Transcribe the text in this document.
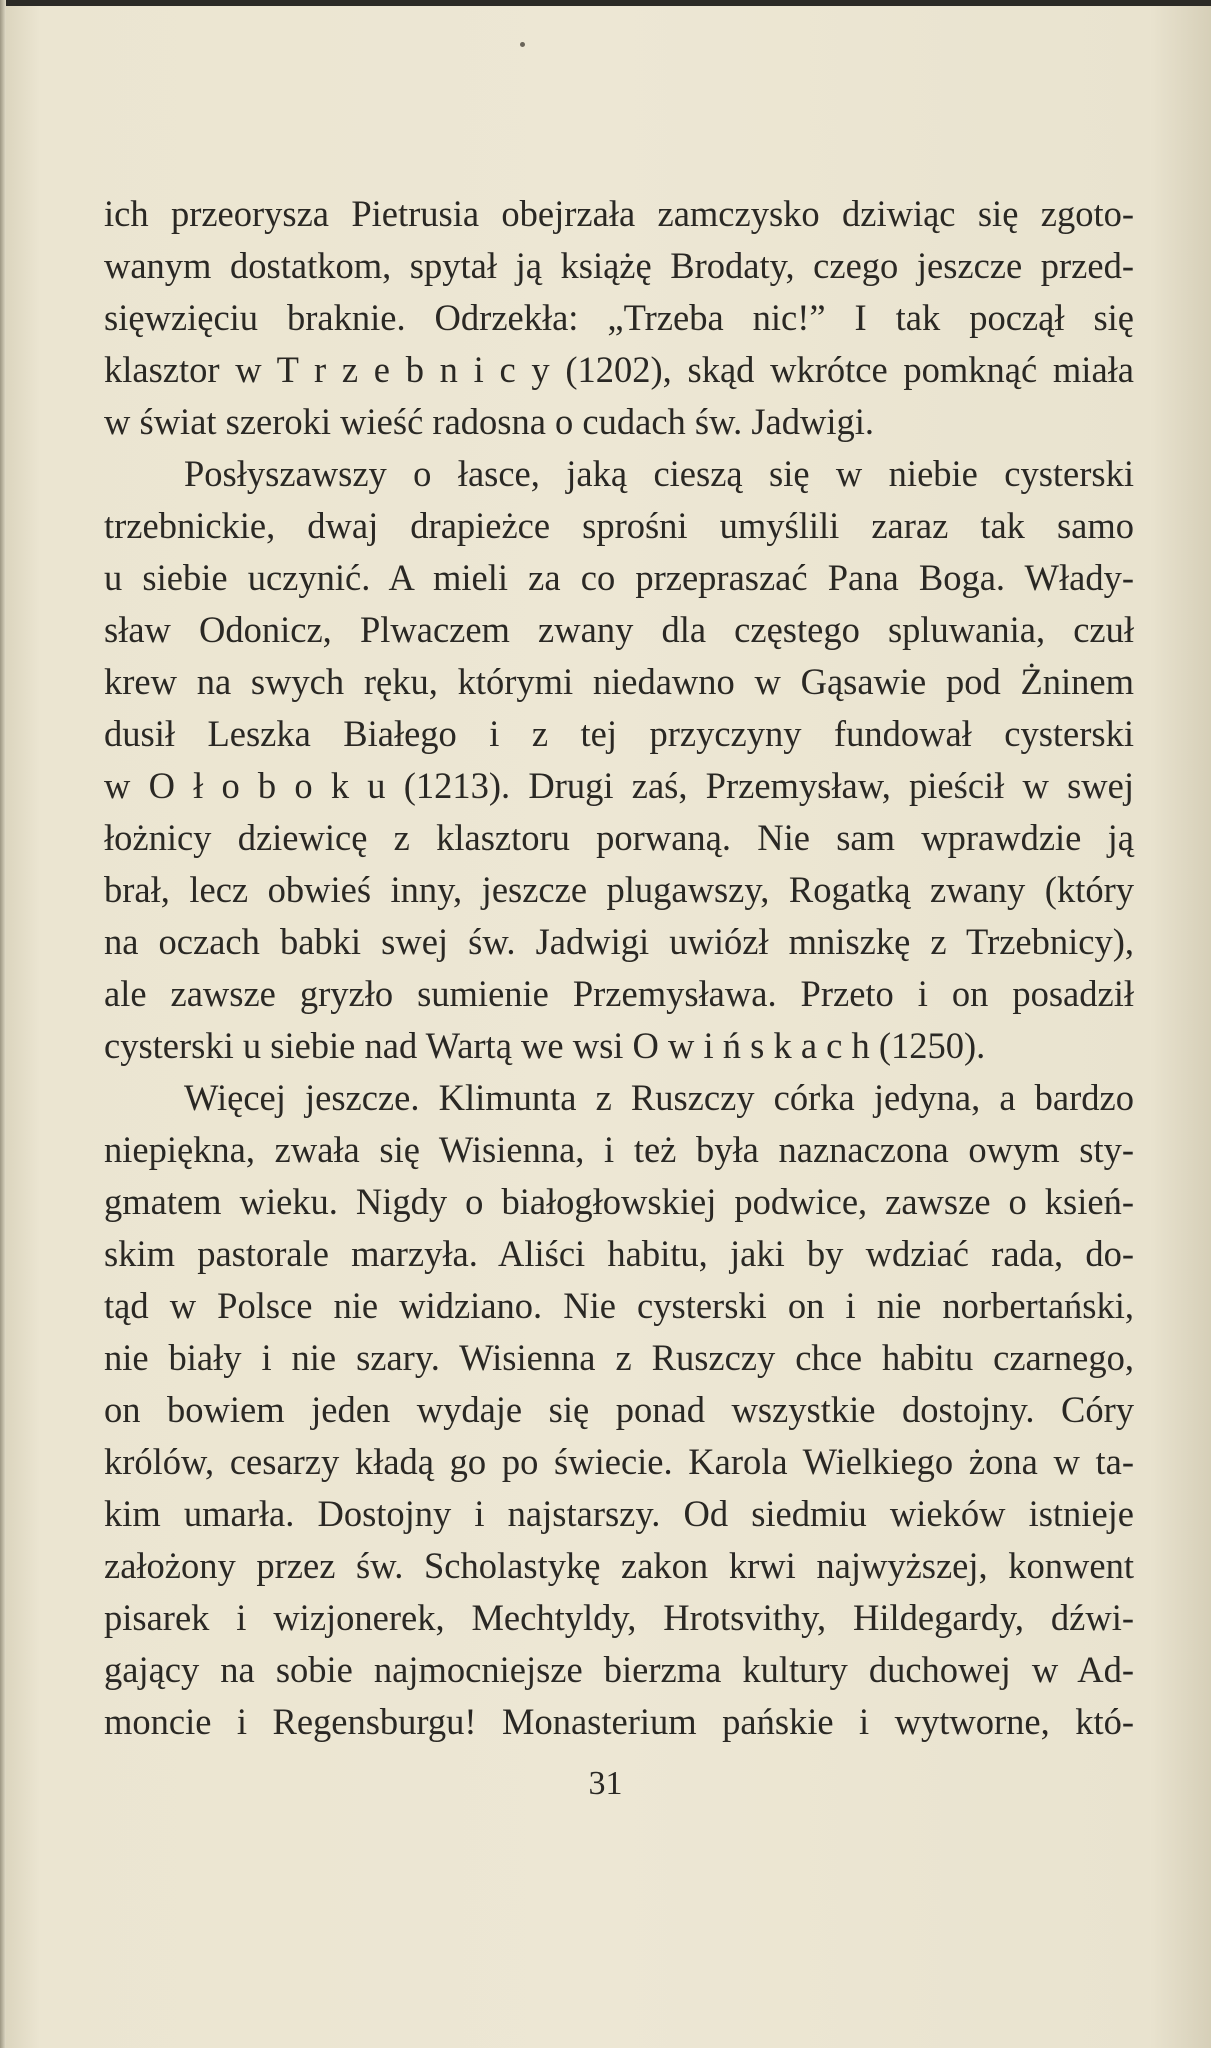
ich przeorysza Pietrusia obejrzała zamczysko dziwiąc się zgoto-
wanym dostatkom, spytał ją książę Brodaty, czego jeszcze przed-
sięwzięciu braknie. Odrzekła: „Trzeba nic!” I tak począł się
klasztor w T r z e b n i c y (1202), skąd wkrótce pomknąć miała
w świat szeroki wieść radosna o cudach św. Jadwigi.
Posłyszawszy o łasce, jaką cieszą się w niebie cysterski
trzebnickie, dwaj drapieżce sprośni umyślili zaraz tak samo
u siebie uczynić. A mieli za co przepraszać Pana Boga. Włady-
sław Odonicz, Plwaczem zwany dla częstego spluwania, czuł
krew na swych ręku, którymi niedawno w Gąsawie pod Żninem
dusił Leszka Białego i z tej przyczyny fundował cysterski
w O ł o b o k u (1213). Drugi zaś, Przemysław, pieścił w swej
łożnicy dziewicę z klasztoru porwaną. Nie sam wprawdzie ją
brał, lecz obwieś inny, jeszcze plugawszy, Rogatką zwany (który
na oczach babki swej św. Jadwigi uwiózł mniszkę z Trzebnicy),
ale zawsze gryzło sumienie Przemysława. Przeto i on posadził
cysterski u siebie nad Wartą we wsi O w i ń s k a c h (1250).
Więcej jeszcze. Klimunta z Ruszczy córka jedyna, a bardzo
niepiękna, zwała się Wisienna, i też była naznaczona owym sty-
gmatem wieku. Nigdy o białogłowskiej podwice, zawsze o ksień-
skim pastorale marzyła. Aliści habitu, jaki by wdziać rada, do-
tąd w Polsce nie widziano. Nie cysterski on i nie norbertański,
nie biały i nie szary. Wisienna z Ruszczy chce habitu czarnego,
on bowiem jeden wydaje się ponad wszystkie dostojny. Córy
królów, cesarzy kładą go po świecie. Karola Wielkiego żona w ta-
kim umarła. Dostojny i najstarszy. Od siedmiu wieków istnieje
założony przez św. Scholastykę zakon krwi najwyższej, konwent
pisarek i wizjonerek, Mechtyldy, Hrotsvithy, Hildegardy, dźwi-
gający na sobie najmocniejsze bierzma kultury duchowej w Ad-
moncie i Regensburgu! Monasterium pańskie i wytworne, któ-
31
